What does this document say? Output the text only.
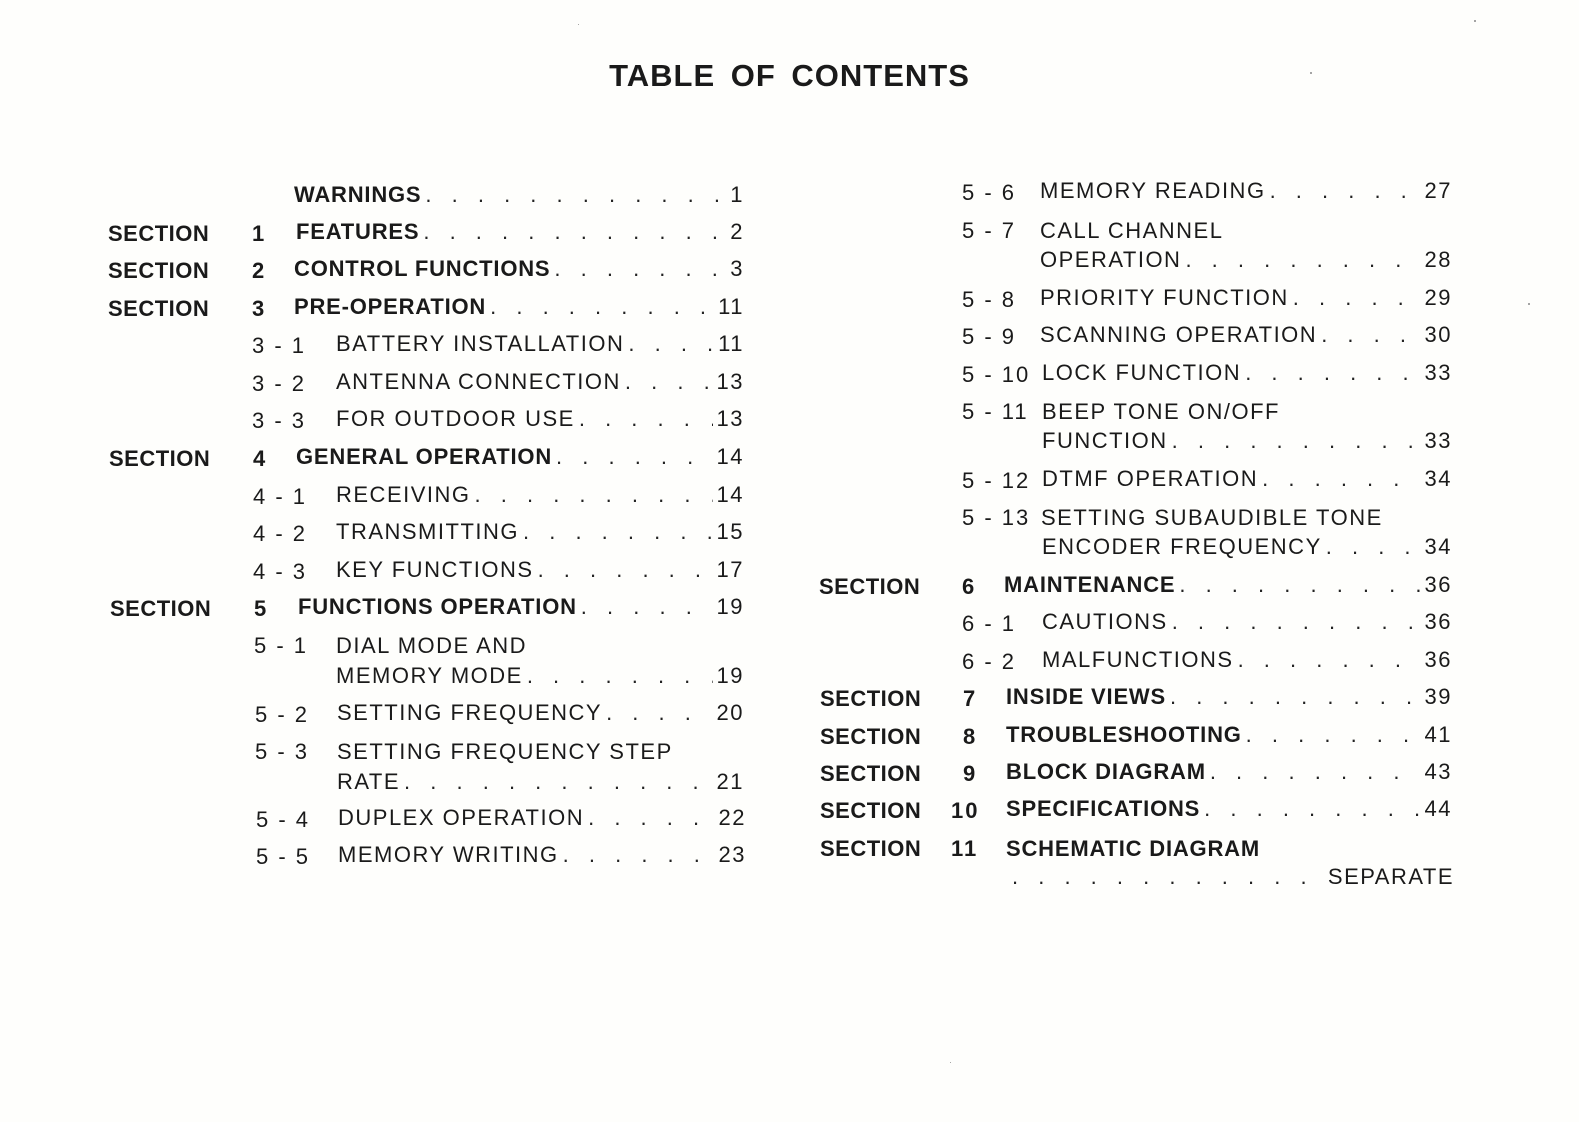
TABLE OF CONTENTS
WARNINGS . . .	1
SECTION 1 FEATURES . . .	2
SECTION 2 CONTROL FUNCTIONS . . .	3
SECTION 3 PRE-OPERATION . . .	11
3 - 1 BATTERY INSTALLATION . . .	11
3 - 2 ANTENNA CONNECTION . . .	13
3 - 3 FOR OUTDOOR USE . . .	13
SECTION 4 GENERAL OPERATION . . .	14
4 - 1 RECEIVING . . .	14
4 - 2 TRANSMITTING . . .	15
4 - 3 KEY FUNCTIONS . . .	17
SECTION 5 FUNCTIONS OPERATION . . .	19
5 - 1 DIAL MODE AND
MEMORY MODE . . .	19
5 - 2 SETTING FREQUENCY . . .	20
5 - 3 SETTING FREQUENCY STEP
RATE . . .	21
5 - 4 DUPLEX OPERATION . . .	22
5 - 5 MEMORY WRITING . . .	23
5 - 6 MEMORY READING . . .	27
5 - 7 CALL CHANNEL
OPERATION . . .	28
5 - 8 PRIORITY FUNCTION . . .	29
5 - 9 SCANNING OPERATION . . .	30
5 - 10 LOCK FUNCTION . . .	33
5 - 11 BEEP TONE ON/OFF
FUNCTION . . .	33
5 - 12 DTMF OPERATION . . .	34
5 - 13 SETTING SUBAUDIBLE TONE
ENCODER FREQUENCY . . .	34
SECTION 6 MAINTENANCE . . .	36
6 - 1 CAUTIONS . . .	36
6 - 2 MALFUNCTIONS . . .	36
SECTION 7 INSIDE VIEWS . . .	39
SECTION 8 TROUBLESHOOTING . . .	41
SECTION 9 BLOCK DIAGRAM . . .	43
SECTION 10 SPECIFICATIONS . . .	44
SECTION 11 SCHEMATIC DIAGRAM
. . .
SEPARATE
